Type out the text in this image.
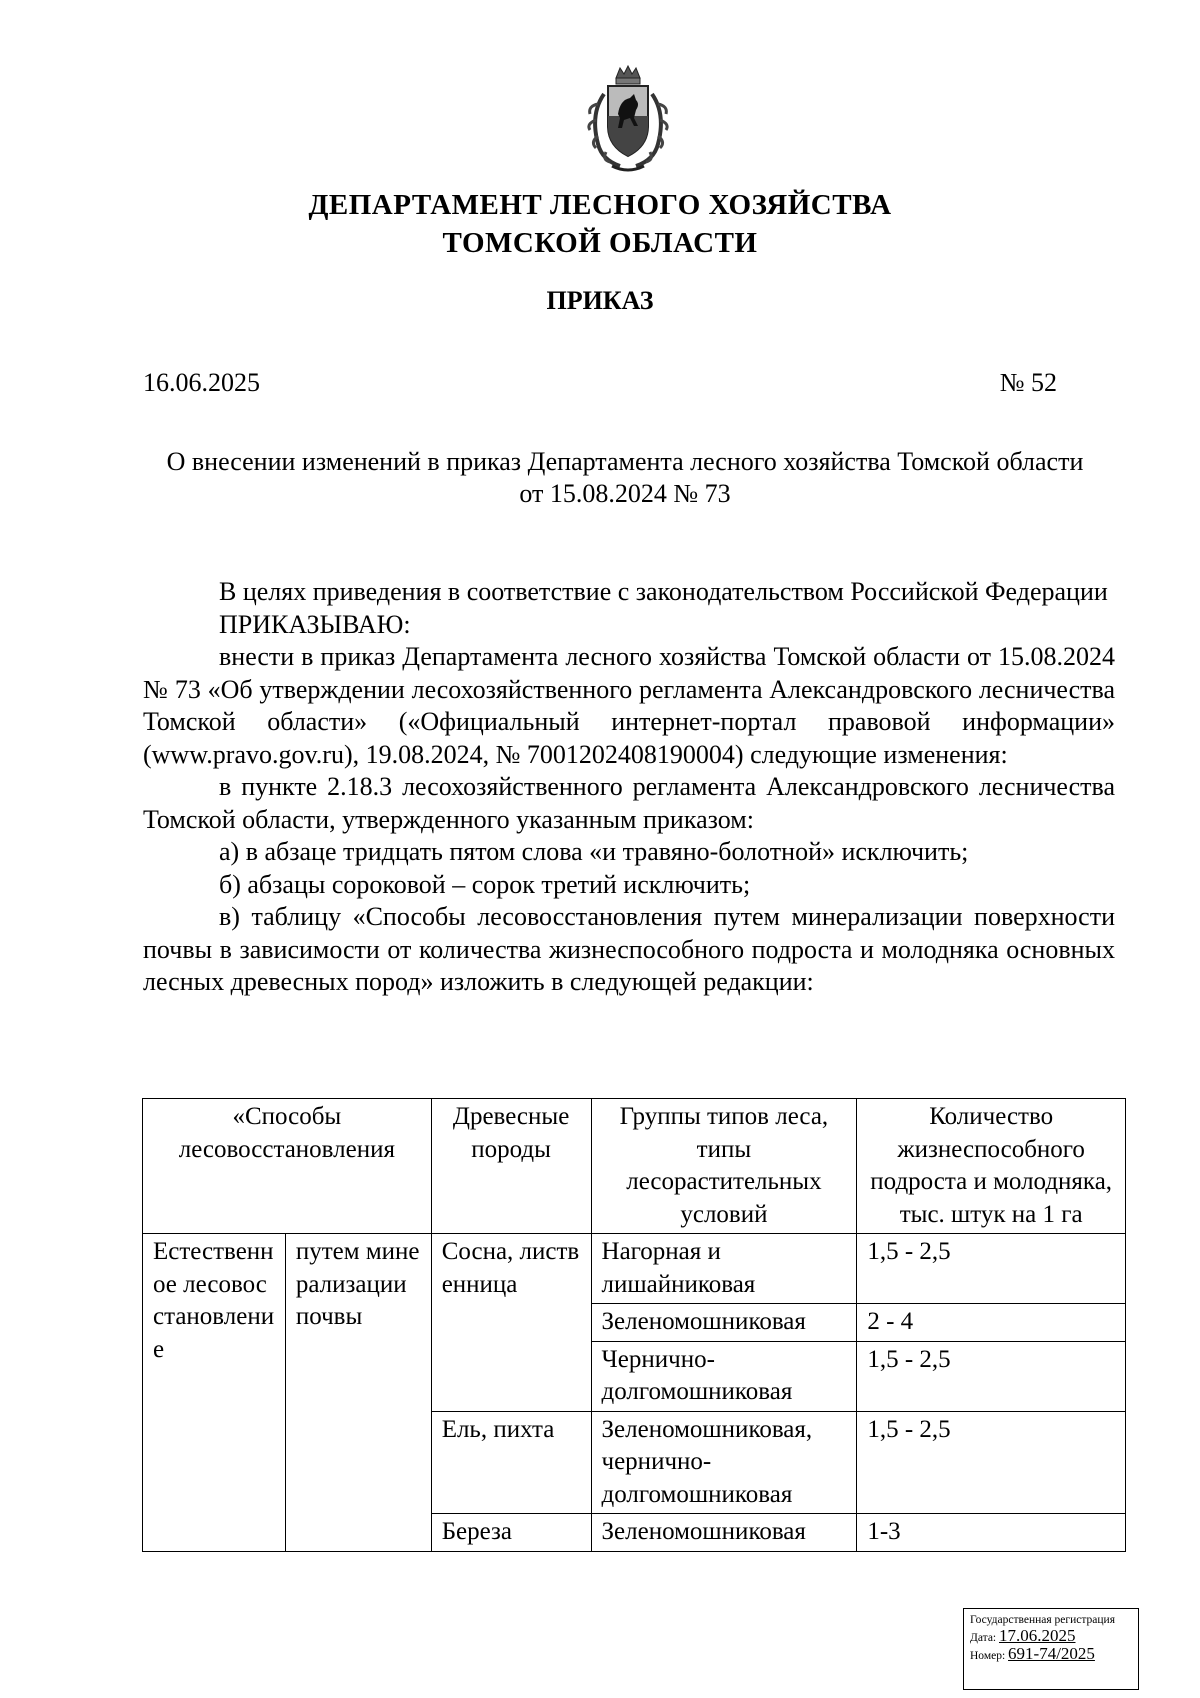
ДЕПАРТАМЕНТ ЛЕСНОГО ХОЗЯЙСТВА
ТОМСКОЙ ОБЛАСТИ
ПРИКАЗ
16.06.2025	№ 52
О внесении изменений в приказ Департамента лесного хозяйства Томской области от 15.08.2024 № 73

В целях приведения в соответствие с законодательством Российской Федерации

ПРИКАЗЫВАЮ:

внести в приказ Департамента лесного хозяйства Томской области от 15.08.2024 № 73 «Об утверждении лесохозяйственного регламента Александровского лесничества Томской области» («Официальный интернет-портал правовой информации» (www.pravo.gov.ru), 19.08.2024, № 7001202408190004) следующие изменения:

в пункте 2.18.3 лесохозяйственного регламента Александровского лесничества Томской области, утвержденного указанным приказом:

а) в абзаце тридцать пятом слова «и травяно-болотной» исключить;

б) абзацы сороковой – сорок третий исключить;

в) таблицу «Способы лесовосстановления путем минерализации поверхности почвы в зависимости от количества жизнеспособного подроста и молодняка основных лесных древесных пород» изложить в следующей редакции:

«Способы лесовосстановления		Древесные породы	Группы типов леса, типы лесорастительных условий	Количество жизнеспособного подроста и молодняка, тыс. штук на 1 га
Естественное лесовосстановление	путем минерализации почвы	Сосна, лиственница	Нагорная и лишайниковая	1,5 - 2,5
			Зеленомошниковая	2 - 4
			Чернично-долгомошниковая	1,5 - 2,5
		Ель, пихта	Зеленомошниковая, чернично-долгомошниковая	1,5 - 2,5
		Береза	Зеленомошниковая	1-3
Государственная регистрация
Дата: 17.06.2025
Номер: 691-74/2025
